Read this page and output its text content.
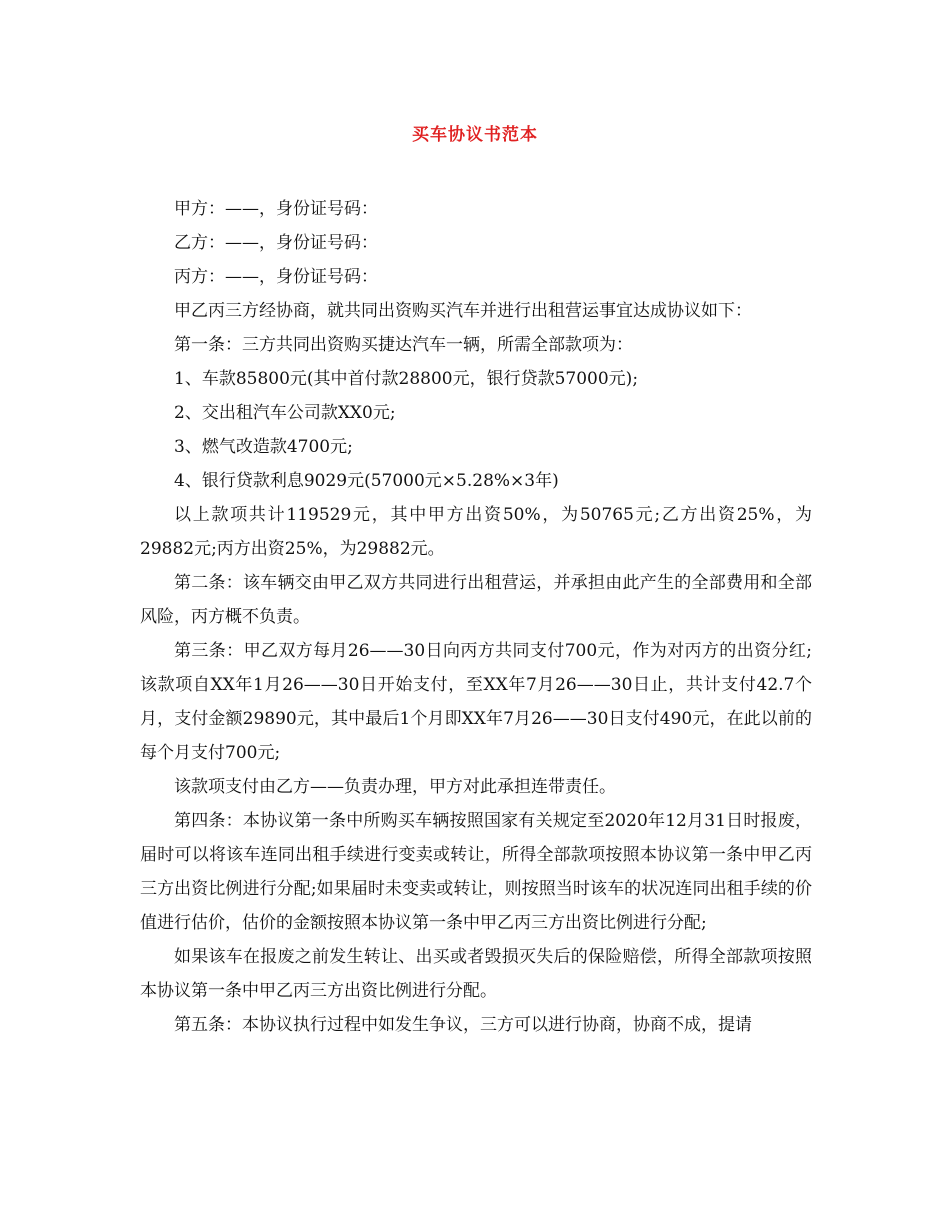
买车协议书范本

甲方：——，身份证号码：

乙方：——，身份证号码：

丙方：——，身份证号码：

甲乙丙三方经协商，就共同出资购买汽车并进行出租营运事宜达成协议如下：

第一条：三方共同出资购买捷达汽车一辆，所需全部款项为：

1、车款85800元(其中首付款28800元，银行贷款57000元);

2、交出租汽车公司款XX0元;

3、燃气改造款4700元;

4、银行贷款利息9029元(57000元×5.28%×3年)

以上款项共计119529元，其中甲方出资50%，为50765元;乙方出资25%，为29882元;丙方出资25%，为29882元。

第二条：该车辆交由甲乙双方共同进行出租营运，并承担由此产生的全部费用和全部风险，丙方概不负责。

第三条：甲乙双方每月26——30日向丙方共同支付700元，作为对丙方的出资分红;该款项自XX年1月26——30日开始支付，至XX年7月26——30日止，共计支付42.7个月，支付金额29890元，其中最后1个月即XX年7月26——30日支付490元，在此以前的每个月支付700元;

该款项支付由乙方——负责办理，甲方对此承担连带责任。

第四条：本协议第一条中所购买车辆按照国家有关规定至2020年12月31日时报废，届时可以将该车连同出租手续进行变卖或转让，所得全部款项按照本协议第一条中甲乙丙三方出资比例进行分配;如果届时未变卖或转让，则按照当时该车的状况连同出租手续的价值进行估价，估价的金额按照本协议第一条中甲乙丙三方出资比例进行分配;

如果该车在报废之前发生转让、出买或者毁损灭失后的保险赔偿，所得全部款项按照本协议第一条中甲乙丙三方出资比例进行分配。

第五条：本协议执行过程中如发生争议，三方可以进行协商，协商不成，提请
